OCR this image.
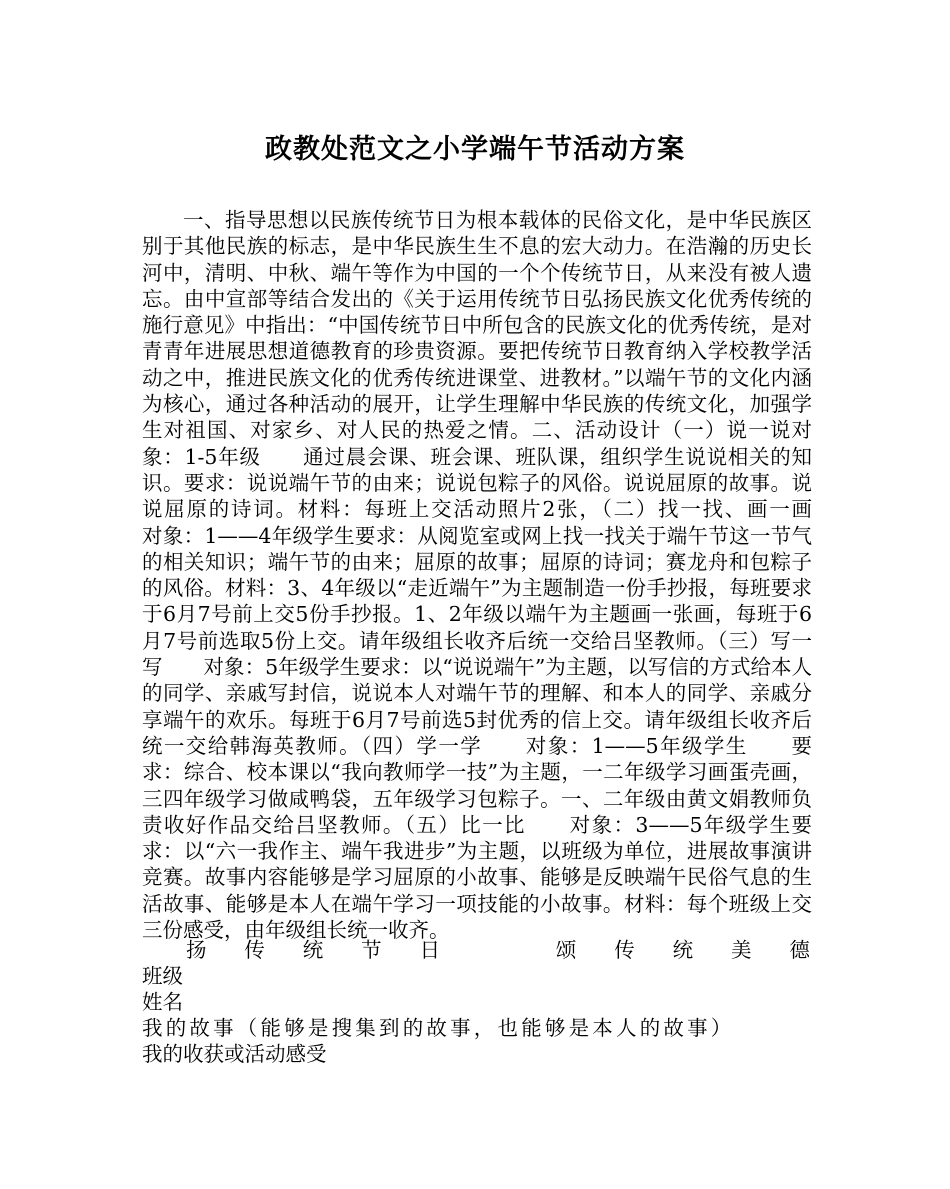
政教处范文之小学端午节活动方案

一、指导思想以民族传统节日为根本载体的民俗文化，是中华民族区别于其他民族的标志，是中华民族生生不息的宏大动力。在浩瀚的历史长河中，清明、中秋、端午等作为中国的一个个传统节日，从来没有被人遗忘。由中宣部等结合发出的《关于运用传统节日弘扬民族文化优秀传统的施行意见》中指出：“中国传统节日中所包含的民族文化的优秀传统，是对青青年进展思想道德教育的珍贵资源。要把传统节日教育纳入学校教学活动之中，推进民族文化的优秀传统进课堂、进教材。”以端午节的文化内涵为核心，通过各种活动的展开，让学生理解中华民族的传统文化，加强学生对祖国、对家乡、对人民的热爱之情。二、活动设计（一）说一说对象：1-5年级　　通过晨会课、班会课、班队课，组织学生说说相关的知识。要求：说说端午节的由来；说说包粽子的风俗。说说屈原的故事。说说屈原的诗词。材料：每班上交活动照片2张，（二）找一找、画一画　　对象：1——4年级学生要求：从阅览室或网上找一找关于端午节这一节气的相关知识；端午节的由来；屈原的故事；屈原的诗词；赛龙舟和包粽子的风俗。材料：3、4年级以“走近端午”为主题制造一份手抄报，每班要求于6月7号前上交5份手抄报。1、2年级以端午为主题画一张画，每班于6月7号前选取5份上交。请年级组长收齐后统一交给吕坚教师。（三）写一写　　对象：5年级学生要求：以“说说端午”为主题，以写信的方式给本人的同学、亲戚写封信，说说本人对端午节的理解、和本人的同学、亲戚分享端午的欢乐。每班于6月7号前选5封优秀的信上交。请年级组长收齐后统一交给韩海英教师。（四）学一学　　对象：1——5年级学生　　要求：综合、校本课以“我向教师学一技”为主题，一二年级学习画蛋壳画，三四年级学习做咸鸭袋，五年级学习包粽子。一、二年级由黄文娟教师负责收好作品交给吕坚教师。（五）比一比　　对象：3——5年级学生要求：以“六一我作主、端午我进步”为主题，以班级为单位，进展故事演讲竞赛。故事内容能够是学习屈原的小故事、能够是反映端午民俗气息的生活故事、能够是本人在端午学习一项技能的小故事。材料：每个班级上交三份感受，由年级组长统一收齐。

扬 传 统 节 日	颂 传 统 美 德
班级
姓名
我的故事（能够是搜集到的故事，也能够是本人的故事）
我的收获或活动感受
